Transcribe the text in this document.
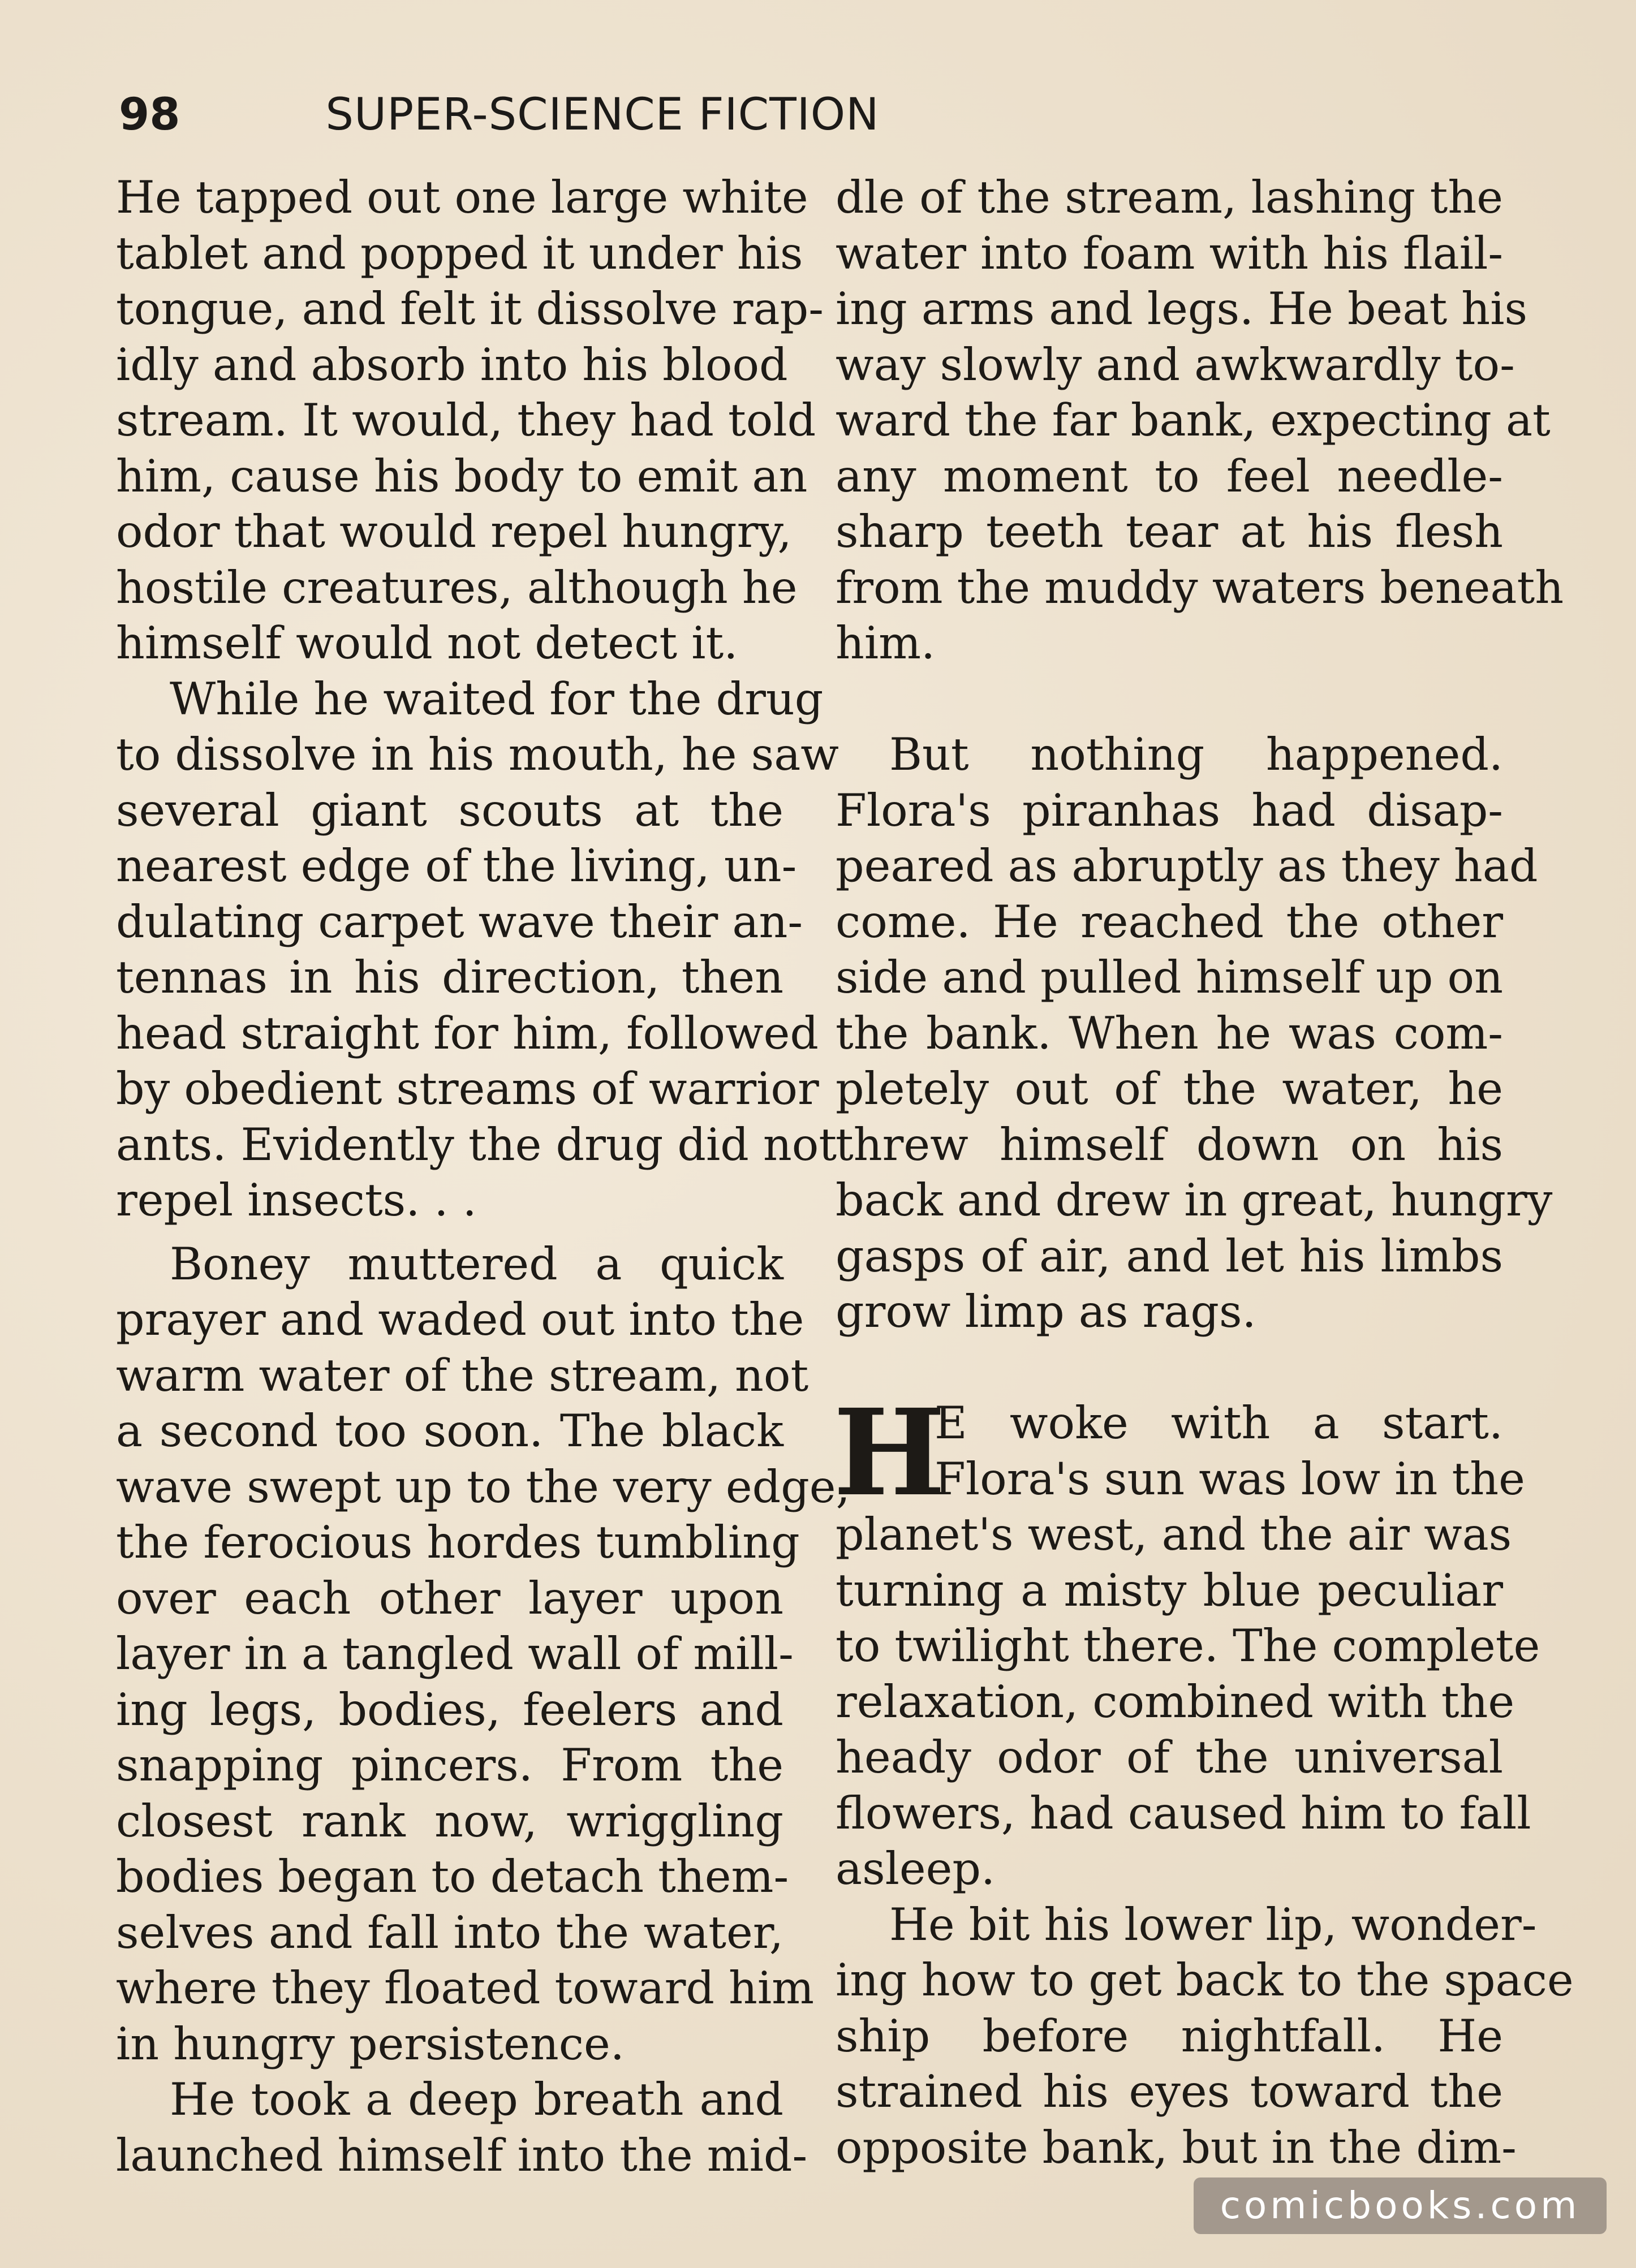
98	SUPER-SCIENCE FICTION

He tapped out one large white

tablet and popped it under his

tongue, and felt it dissolve rap-

idly and absorb into his blood

stream. It would, they had told

him, cause his body to emit an

odor that would repel hungry,

hostile creatures, although he

himself would not detect it.

While he waited for the drug

to dissolve in his mouth, he saw

several giant scouts at the

nearest edge of the living, un-

dulating carpet wave their an-

tennas in his direction, then

head straight for him, followed

by obedient streams of warrior

ants. Evidently the drug did not

repel insects. . .

Boney muttered a quick

prayer and waded out into the

warm water of the stream, not

a second too soon. The black

wave swept up to the very edge,

the ferocious hordes tumbling

over each other layer upon

layer in a tangled wall of mill-

ing legs, bodies, feelers and

snapping pincers. From the

closest rank now, wriggling

bodies began to detach them-

selves and fall into the water,

where they floated toward him

in hungry persistence.

He took a deep breath and

launched himself into the mid-

dle of the stream, lashing the

water into foam with his flail-

ing arms and legs. He beat his

way slowly and awkwardly to-

ward the far bank, expecting at

any moment to feel needle-

sharp teeth tear at his flesh

from the muddy waters beneath

him.

But nothing happened.

Flora's piranhas had disap-

peared as abruptly as they had

come. He reached the other

side and pulled himself up on

the bank. When he was com-

pletely out of the water, he

threw himself down on his

back and drew in great, hungry

gasps of air, and let his limbs

grow limp as rags.

H

E woke with a start.

Flora's sun was low in the

planet's west, and the air was

turning a misty blue peculiar

to twilight there. The complete

relaxation, combined with the

heady odor of the universal

flowers, had caused him to fall

asleep.

He bit his lower lip, wonder-

ing how to get back to the space

ship before nightfall. He

strained his eyes toward the

opposite bank, but in the dim-

comicbooks.com
